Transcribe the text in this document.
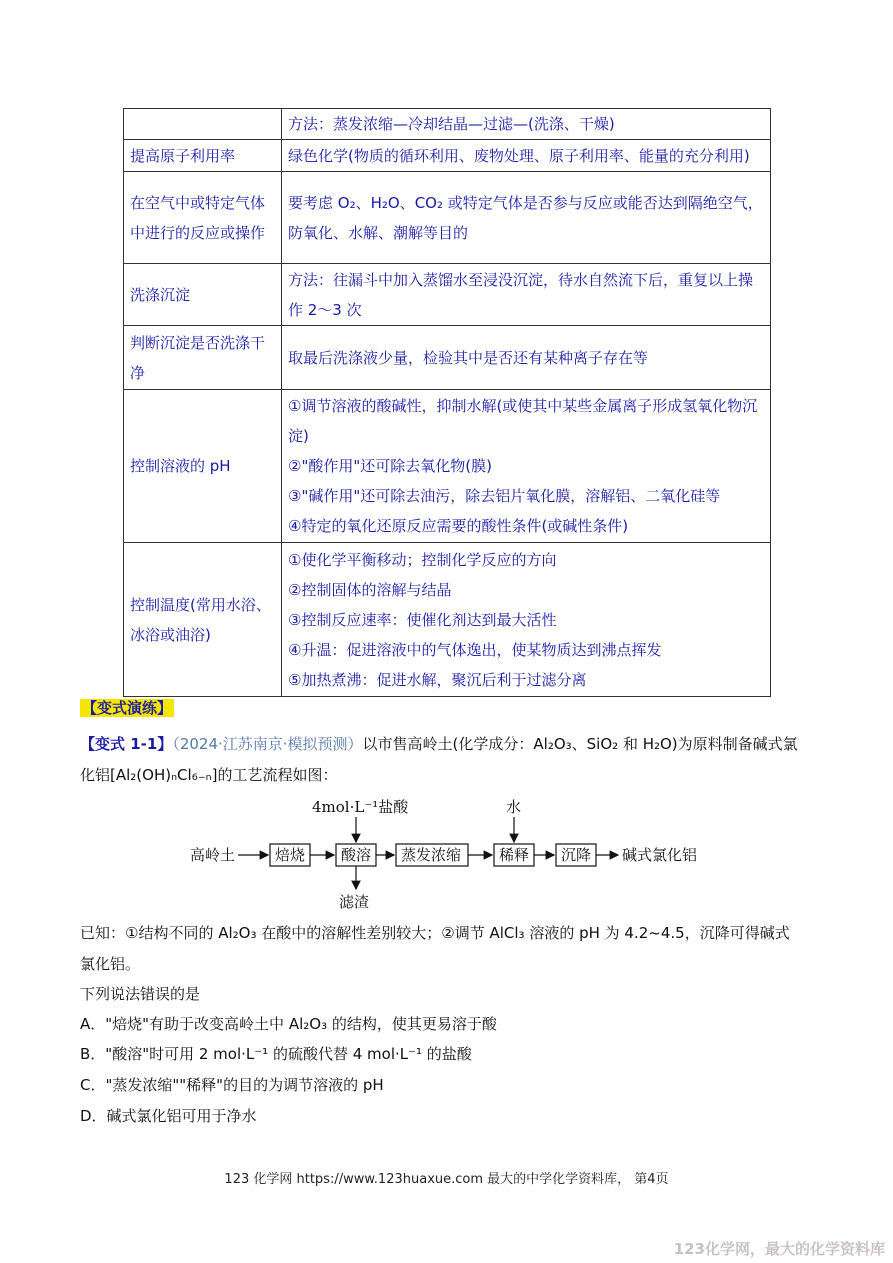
	方法：蒸发浓缩—冷却结晶—过滤—(洗涤、干燥)

提高原子利用率	绿色化学(物质的循环利用、废物处理、原子利用率、能量的充分利用)

在空气中或特定气体中进行的反应或操作	要考虑 O₂、H₂O、CO₂ 或特定气体是否参与反应或能否达到隔绝空气，防氧化、水解、潮解等目的

洗涤沉淀	方法：往漏斗中加入蒸馏水至浸没沉淀，待水自然流下后，重复以上操作 2～3 次

判断沉淀是否洗涤干净	取最后洗涤液少量，检验其中是否还有某种离子存在等

控制溶液的 pH	①调节溶液的酸碱性，抑制水解(或使其中某些金属离子形成氢氧化物沉淀)
②"酸作用"还可除去氧化物(膜)
③"碱作用"还可除去油污，除去铝片氧化膜，溶解铝、二氧化硅等
④特定的氧化还原反应需要的酸性条件(或碱性条件)

控制温度(常用水浴、冰浴或油浴)	①使化学平衡移动；控制化学反应的方向
②控制固体的溶解与结晶
③控制反应速率：使催化剂达到最大活性
④升温：促进溶液中的气体逸出，使某物质达到沸点挥发
⑤加热煮沸：促进水解，聚沉后利于过滤分离
【变式演练】
【变式 1-1】（2024·江苏南京·模拟预测）以市售高岭土(化学成分：Al₂O₃、SiO₂ 和 H₂O)为原料制备碱式氯
化铝[Al₂(OH)ₙCl₆₋ₙ]的工艺流程如图：
高岭土	焙烧 酸溶 蒸发浓缩	稀释 沉降 碱式氯化铝
4mol·L⁻¹盐酸	水
滤渣
已知：①结构不同的 Al₂O₃ 在酸中的溶解性差别较大；②调节 AlCl₃ 溶液的 pH 为 4.2~4.5，沉降可得碱式
氯化铝。
下列说法错误的是
A．"焙烧"有助于改变高岭土中 Al₂O₃ 的结构，使其更易溶于酸
B．"酸溶"时可用 2 mol·L⁻¹ 的硫酸代替 4 mol·L⁻¹ 的盐酸
C．"蒸发浓缩""稀释"的目的为调节溶液的 pH
D．碱式氯化铝可用于净水
123 化学网 https://www.123huaxue.com 最大的中学化学资料库， 第4页
123化学网，最大的化学资料库
